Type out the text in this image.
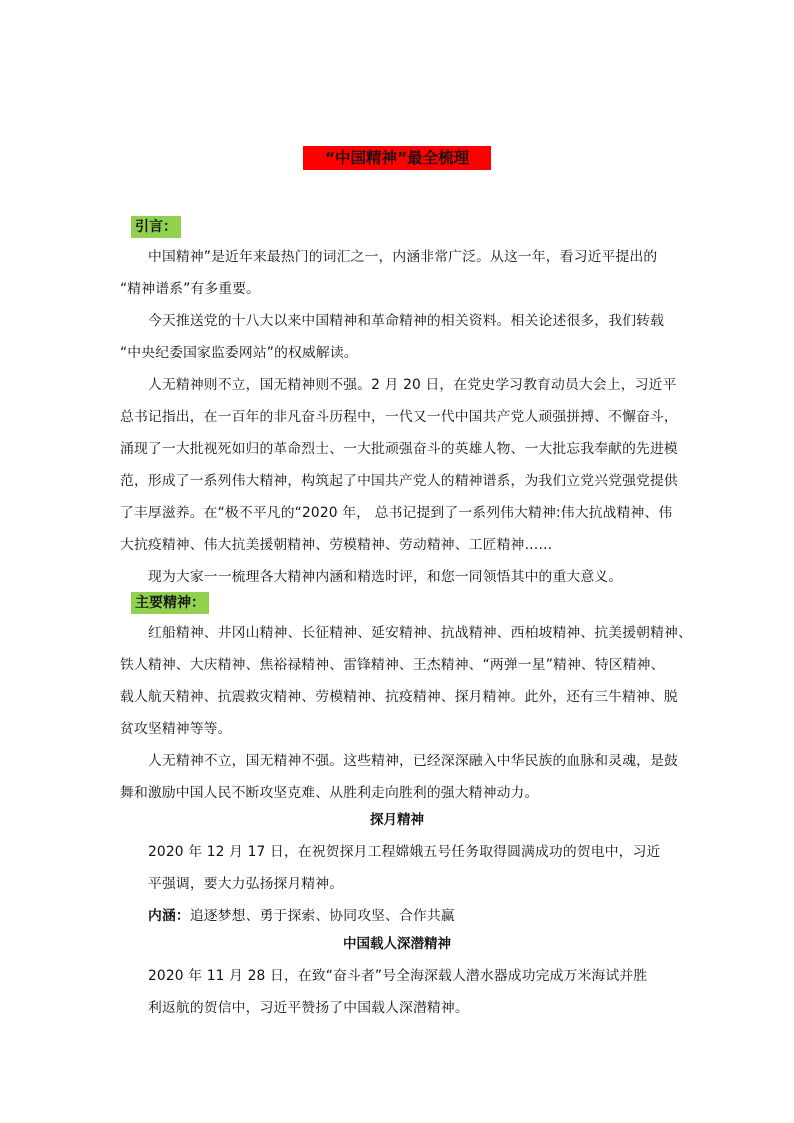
“中国精神”最全梳理
引言：
中国精神”是近年来最热门的词汇之一，内涵非常广泛。从这一年，看习近平提出的
“精神谱系”有多重要。
今天推送党的十八大以来中国精神和革命精神的相关资料。相关论述很多，我们转载
“中央纪委国家监委网站”的权威解读。
人无精神则不立，国无精神则不强。2 月 20 日，在党史学习教育动员大会上，习近平
总书记指出，在一百年的非凡奋斗历程中，一代又一代中国共产党人顽强拼搏、不懈奋斗，
涌现了一大批视死如归的革命烈士、一大批顽强奋斗的英雄人物、一大批忘我奉献的先进模
范，形成了一系列伟大精神，构筑起了中国共产党人的精神谱系，为我们立党兴党强党提供
了丰厚滋养。在“极不平凡的“2020 年， 总书记提到了一系列伟大精神:伟大抗战精神、伟
大抗疫精神、伟大抗美援朝精神、劳模精神、劳动精神、工匠精神……
现为大家一一梳理各大精神内涵和精选时评，和您一同领悟其中的重大意义。
主要精神：
红船精神、井冈山精神、长征精神、延安精神、抗战精神、西柏坡精神、抗美援朝精神、
铁人精神、大庆精神、焦裕禄精神、雷锋精神、王杰精神、“两弹一星”精神、特区精神、
载人航天精神、抗震救灾精神、劳模精神、抗疫精神、探月精神。此外，还有三牛精神、脱
贫攻坚精神等等。
人无精神不立，国无精神不强。这些精神，已经深深融入中华民族的血脉和灵魂，是鼓
舞和激励中国人民不断攻坚克难、从胜利走向胜利的强大精神动力。
探月精神
2020 年 12 月 17 日，在祝贺探月工程嫦娥五号任务取得圆满成功的贺电中，习近
平强调，要大力弘扬探月精神。
内涵：追逐梦想、勇于探索、协同攻坚、合作共赢
中国载人深潜精神
2020 年 11 月 28 日，在致“奋斗者”号全海深载人潜水器成功完成万米海试并胜
利返航的贺信中，习近平赞扬了中国载人深潜精神。
